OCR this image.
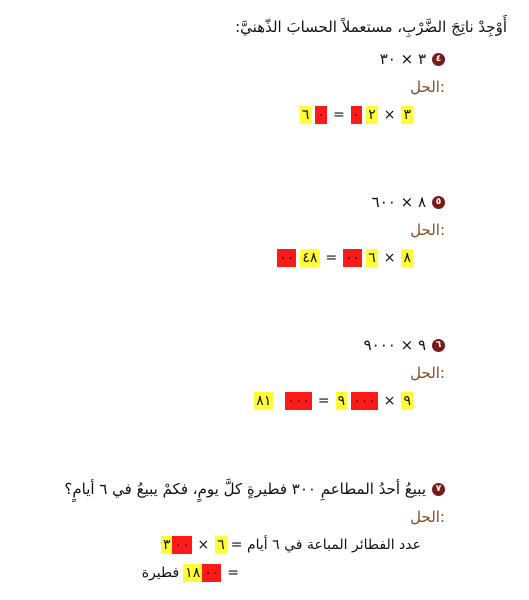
أَوْجِدْ ناتِجَ الضَّرْبِ، مستعملاً الحسابَ الذّهنيَّ:
٤
٣ × ٣٠
الحل:
٣
×
٢
٠
=
٠
٦
٥
٨ × ٦٠٠
الحل:
٨
×
٦
٠٠
=
٤٨
٠٠
٦
٩ × ٩٠٠٠
الحل:
٩
×
٠٠٠
٩
=
٠٠٠
٨١
٧
يبيعُ أحدُ المطاعمِ ٣٠٠ فطيرةٍ كلَّ يومٍ، فكمْ يبيعُ في ٦ أيامٍ؟
الحل:
عدد الفطائر المباعة في ٦ أيام =
٦
×
٣ ٠٠
=
١٨ ٠٠
فطيرة
